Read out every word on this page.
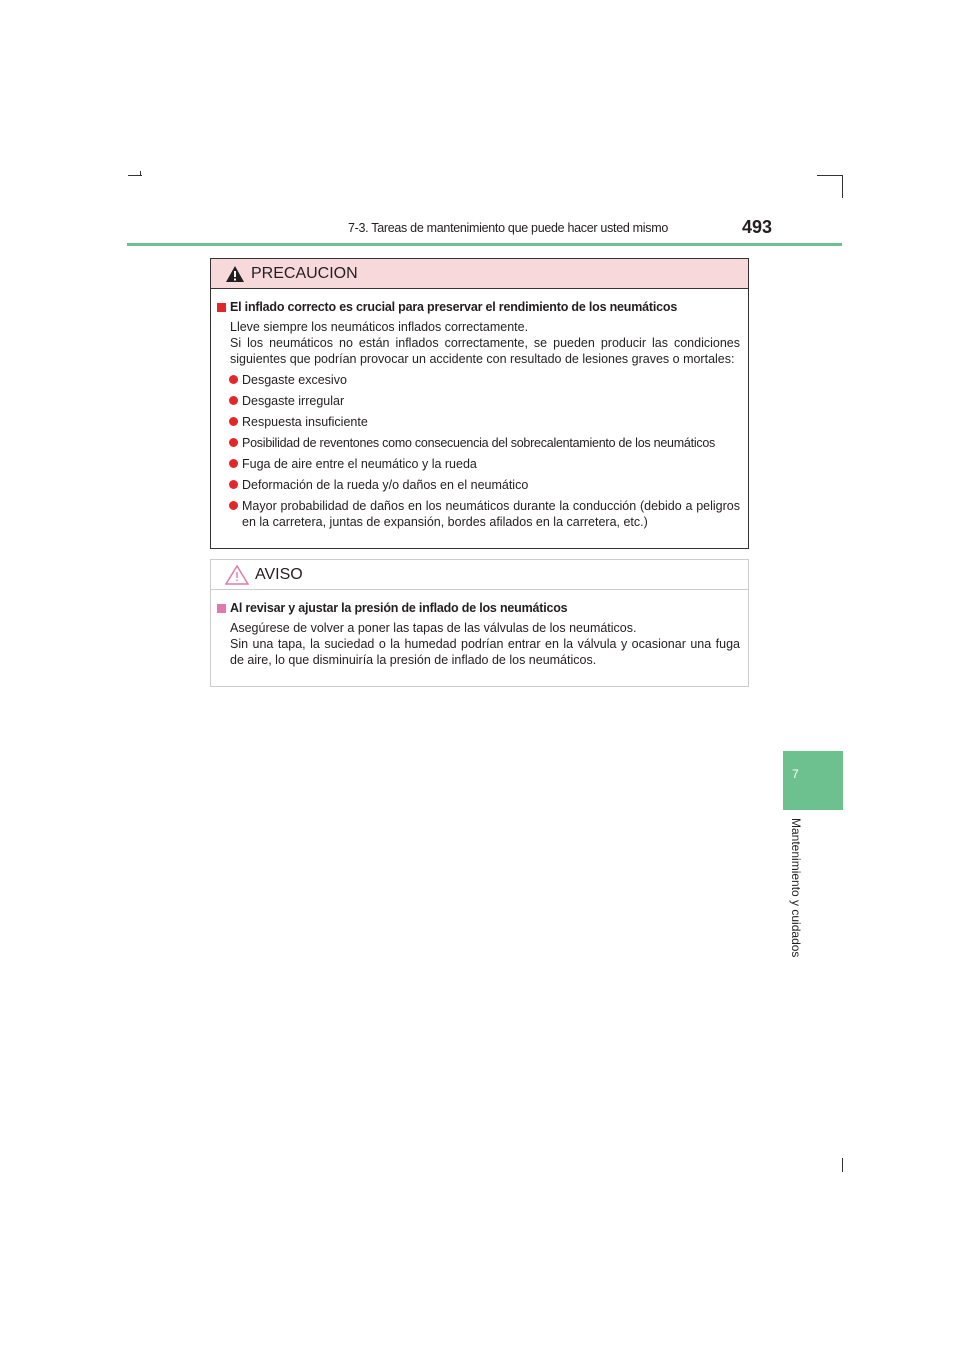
7-3. Tareas de mantenimiento que puede hacer usted mismo	493
PRECAUCION
El inflado correcto es crucial para preservar el rendimiento de los neumáticos
Lleve siempre los neumáticos inflados correctamente.
Si los neumáticos no están inflados correctamente, se pueden producir las condiciones siguientes que podrían provocar un accidente con resultado de lesiones graves o mortales:
Desgaste excesivo
Desgaste irregular
Respuesta insuficiente
Posibilidad de reventones como consecuencia del sobrecalentamiento de los neumáticos
Fuga de aire entre el neumático y la rueda
Deformación de la rueda y/o daños en el neumático
Mayor probabilidad de daños en los neumáticos durante la conducción (debido a peligros en la carretera, juntas de expansión, bordes afilados en la carretera, etc.)
AVISO
Al revisar y ajustar la presión de inflado de los neumáticos
Asegúrese de volver a poner las tapas de las válvulas de los neumáticos.
Sin una tapa, la suciedad o la humedad podrían entrar en la válvula y ocasionar una fuga de aire, lo que disminuiría la presión de inflado de los neumáticos.
7
Mantenimiento y cuidados
